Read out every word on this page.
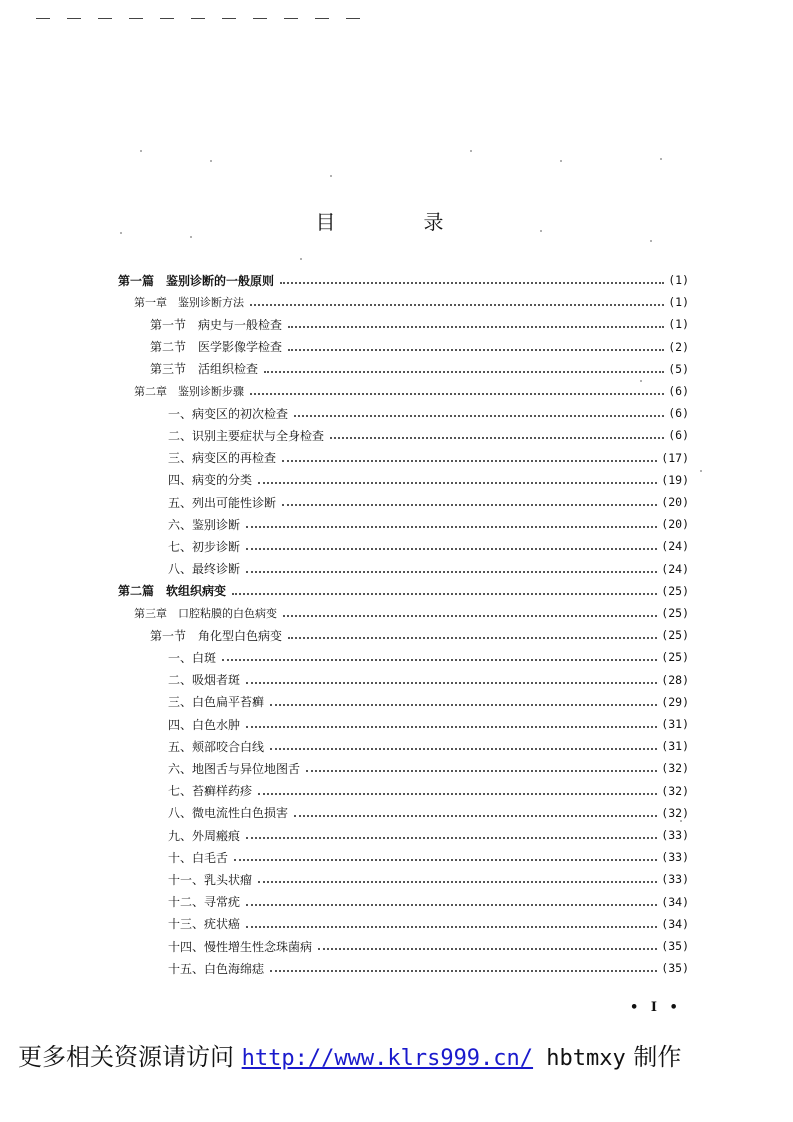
目　录
第一篇　鉴别诊断的一般原则	(1)
第一章　鉴别诊断方法	(1)
第一节　病史与一般检查	(1)
第二节　医学影像学检查	(2)
第三节　活组织检查	(5)
第二章　鉴别诊断步骤	(6)
一、病变区的初次检查	(6)
二、识别主要症状与全身检查	(6)
三、病变区的再检查	(17)
四、病变的分类	(19)
五、列出可能性诊断	(20)
六、鉴别诊断	(20)
七、初步诊断	(24)
八、最终诊断	(24)
第二篇　软组织病变	(25)
第三章　口腔粘膜的白色病变	(25)
第一节　角化型白色病变	(25)
一、白斑	(25)
二、吸烟者斑	(28)
三、白色扁平苔癣	(29)
四、白色水肿	(31)
五、颊部咬合白线	(31)
六、地图舌与异位地图舌	(32)
七、苔癣样药疹	(32)
八、微电流性白色损害	(32)
九、外周瘢痕	(33)
十、白毛舌	(33)
十一、乳头状瘤	(33)
十二、寻常疣	(34)
十三、疣状癌	(34)
十四、慢性增生性念珠菌病	(35)
十五、白色海绵痣	(35)
• Ⅰ •
更多相关资源请访问 http://www.klrs999.cn/ hbtmxy 制作
